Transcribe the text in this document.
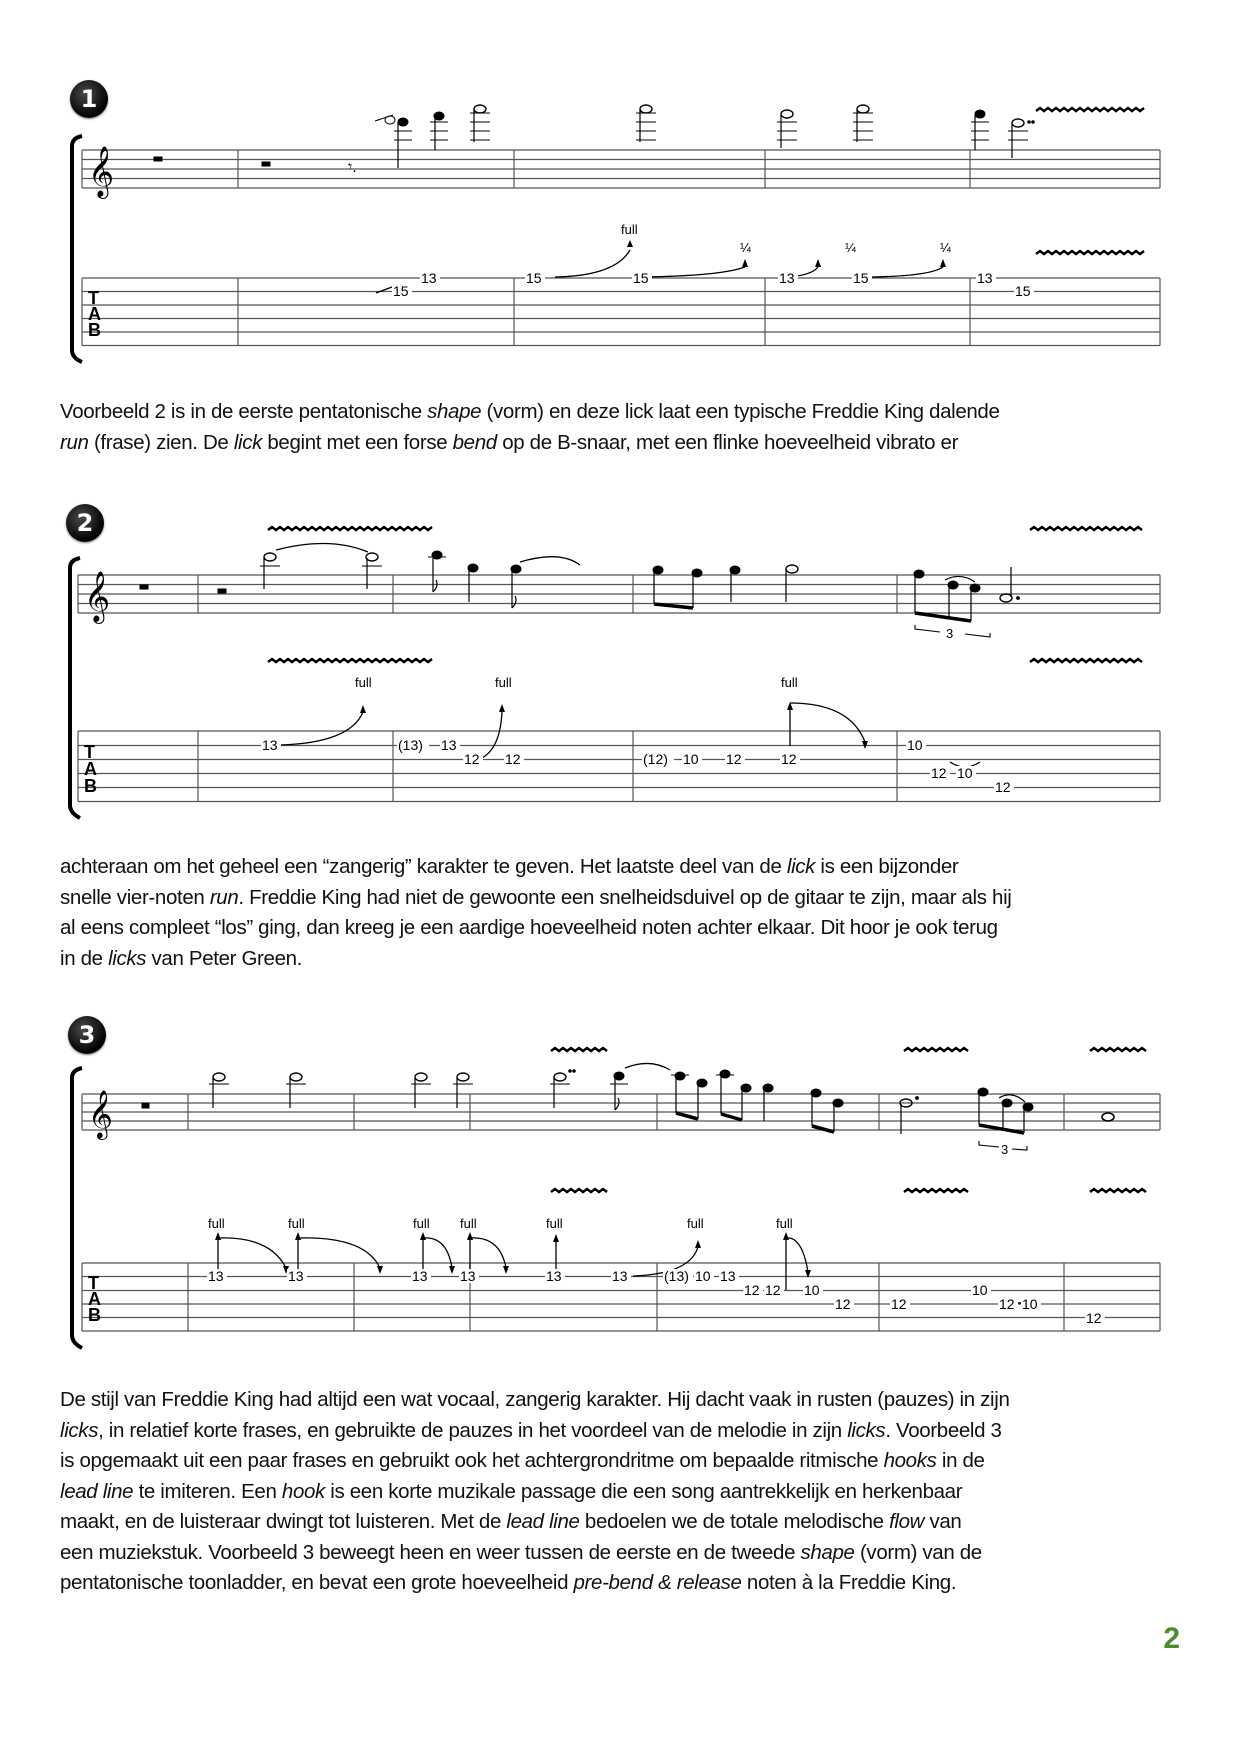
1
𝄞	𝄾.
T
A
B
full
¼	¼	¼
15
13	15	15	13	15	13
15

Voorbeeld 2 is in de eerste pentatonische shape (vorm) en deze lick laat een typische Freddie King dalende

run (frase) zien. De lick begint met een forse bend op de B-snaar, met een flinke hoeveelheid vibrato er

2
𝄞
3
T
A
B
full	full	full
13	(13) 13
12 12	(12) 10 12	12
10
12 10
12

achteraan om het geheel een “zangerig” karakter te geven. Het laatste deel van de lick is een bijzonder

snelle vier-noten run. Freddie King had niet de gewoonte een snelheidsduivel op de gitaar te zijn, maar als hij

al eens compleet “los” ging, dan kreeg je een aardige hoeveelheid noten achter elkaar. Dit hoor je ook terug

in de licks van Peter Green.

3
𝄞
3
T
A
B
full	full	full full	full	full	full
13	13	13 13	13	13	(13) 10 13
12 12 10
12	12
10
12 10
12

De stijl van Freddie King had altijd een wat vocaal, zangerig karakter. Hij dacht vaak in rusten (pauzes) in zijn

licks, in relatief korte frases, en gebruikte de pauzes in het voordeel van de melodie in zijn licks. Voorbeeld 3

is opgemaakt uit een paar frases en gebruikt ook het achtergrondritme om bepaalde ritmische hooks in de

lead line te imiteren. Een hook is een korte muzikale passage die een song aantrekkelijk en herkenbaar

maakt, en de luisteraar dwingt tot luisteren. Met de lead line bedoelen we de totale melodische flow van

een muziekstuk. Voorbeeld 3 beweegt heen en weer tussen de eerste en de tweede shape (vorm) van de

pentatonische toonladder, en bevat een grote hoeveelheid pre-bend & release noten à la Freddie King.

2
